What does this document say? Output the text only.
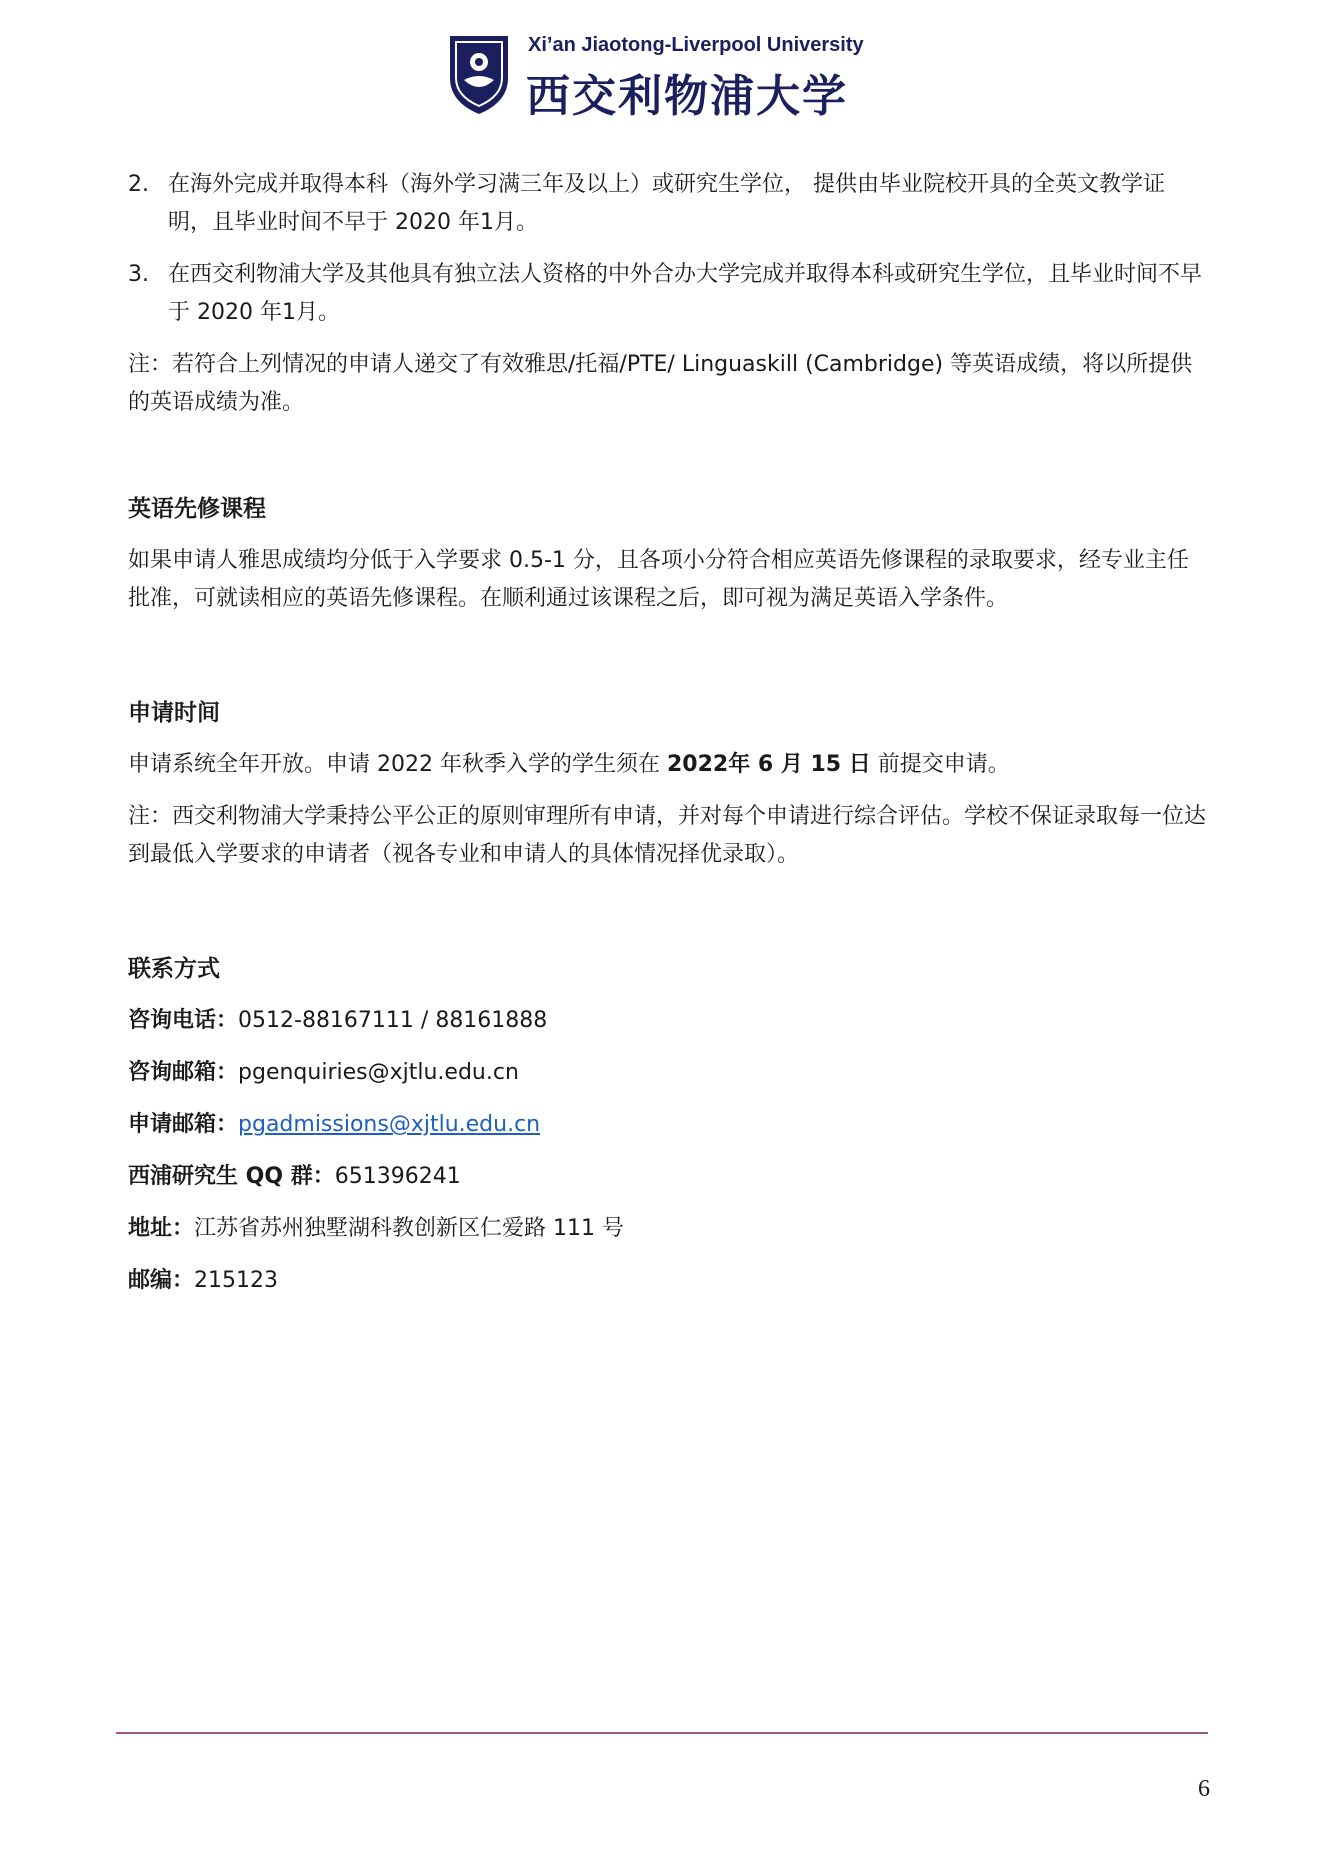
Xi’an Jiaotong-Liverpool University
西交利物浦大学
2. 在海外完成并取得本科（海外学习满三年及以上）或研究生学位， 提供由毕业院校开具的全英文教学证明，且毕业时间不早于 2020 年1月。
3. 在西交利物浦大学及其他具有独立法人资格的中外合办大学完成并取得本科或研究生学位，且毕业时间不早于 2020 年1月。

注：若符合上列情况的申请人递交了有效雅思/托福/PTE/ Linguaskill (Cambridge) 等英语成绩，将以所提供的英语成绩为准。

英语先修课程

如果申请人雅思成绩均分低于入学要求 0.5-1 分，且各项小分符合相应英语先修课程的录取要求，经专业主任批准，可就读相应的英语先修课程。在顺利通过该课程之后，即可视为满足英语入学条件。

申请时间

申请系统全年开放。申请 2022 年秋季入学的学生须在 2022年 6 月 15 日 前提交申请。

注：西交利物浦大学秉持公平公正的原则审理所有申请，并对每个申请进行综合评估。学校不保证录取每一位达到最低入学要求的申请者（视各专业和申请人的具体情况择优录取）。

联系方式
咨询电话：0512-88167111 / 88161888
咨询邮箱：pgenquiries@xjtlu.edu.cn
申请邮箱：pgadmissions@xjtlu.edu.cn
西浦研究生 QQ 群：651396241
地址：江苏省苏州独墅湖科教创新区仁爱路 111 号
邮编：215123
6
